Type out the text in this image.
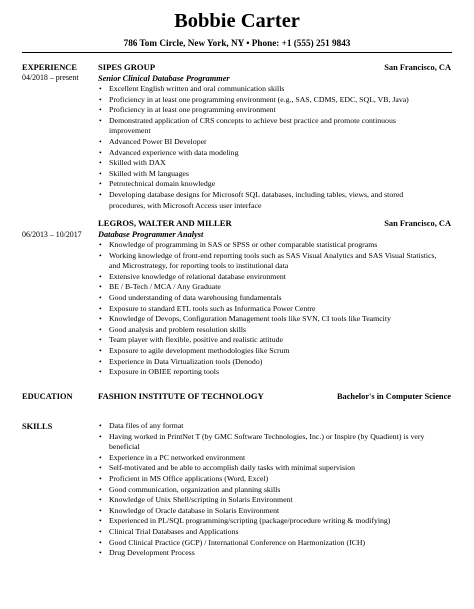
Bobbie Carter
786 Tom Circle, New York, NY • Phone: +1 (555) 251 9843
EXPERIENCE
04/2018 – present
SIPES GROUP	San Francisco, CA
Senior Clinical Database Programmer
• Excellent English written and oral communication skills
• Proficiency in at least one programming environment (e.g., SAS, CDMS, EDC, SQL, VB, Java)
• Proficiency in at least one programming environment
• Demonstrated application of CRS concepts to achieve best practice and promote continuous improvement
• Advanced Power BI Developer
• Advanced experience with data modeling
• Skilled with DAX
• Skilled with M languages
• Petrotechnical domain knowledge
• Developing database designs for Microsoft SQL databases, including tables, views, and stored procedures, with Microsoft Access user interface
06/2013 – 10/2017
LEGROS, WALTER AND MILLER	San Francisco, CA
Database Programmer Analyst
• Knowledge of programming in SAS or SPSS or other comparable statistical programs
• Working knowledge of front-end reporting tools such as SAS Visual Analytics and SAS Visual Statistics, and Microstrategy, for reporting tools to institutional data
• Extensive knowledge of relational database environment
• BE / B-Tech / MCA / Any Graduate
• Good understanding of data warehousing fundamentals
• Exposure to standard ETL tools such as Informatica Power Centre
• Knowledge of Devops, Configuration Management tools like SVN, CI tools like Teamcity
• Good analysis and problem resolution skills
• Team player with flexible, positive and realistic attitude
• Exposure to agile development methodologies like Scrum
• Experience in Data Virtualization tools (Denodo)
• Exposure in OBIEE reporting tools
EDUCATION	FASHION INSTITUTE OF TECHNOLOGY	Bachelor's in Computer Science
SKILLS
•	Data files of any format
• Having worked in PrintNet T (by GMC Software Technologies, Inc.) or Inspire (by Quadient) is very beneficial
• Experience in a PC networked environment
• Self-motivated and be able to accomplish daily tasks with minimal supervision
• Proficient in MS Office applications (Word, Excel)
• Good communication, organization and planning skills
• Knowledge of Unix Shell/scripting in Solaris Environment
• Knowledge of Oracle database in Solaris Environment
• Experienced in PL/SQL programming/scripting (package/procedure writing & modifying)
• Clinical Trial Databases and Applications
• Good Clinical Practice (GCP) / International Conference on Harmonization (ICH)
• Drug Development Process
